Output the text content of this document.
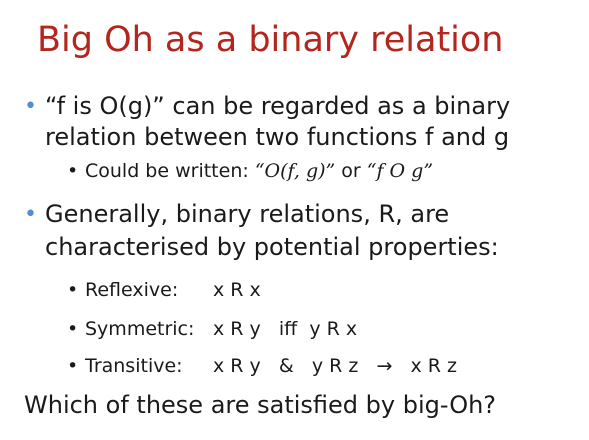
Big Oh as a binary relation
• “f is O(g)” can be regarded as a binary
relation between two functions f and g
• Could be written: “O(f, g)” or “f O g”
• Generally, binary relations, R, are
characterised by potential properties:
• Reflexive: x R x
• Symmetric: x R y   iff  y R x
• Transitive: x R y   &   y R z   →   x R z
Which of these are satisfied by big-Oh?
